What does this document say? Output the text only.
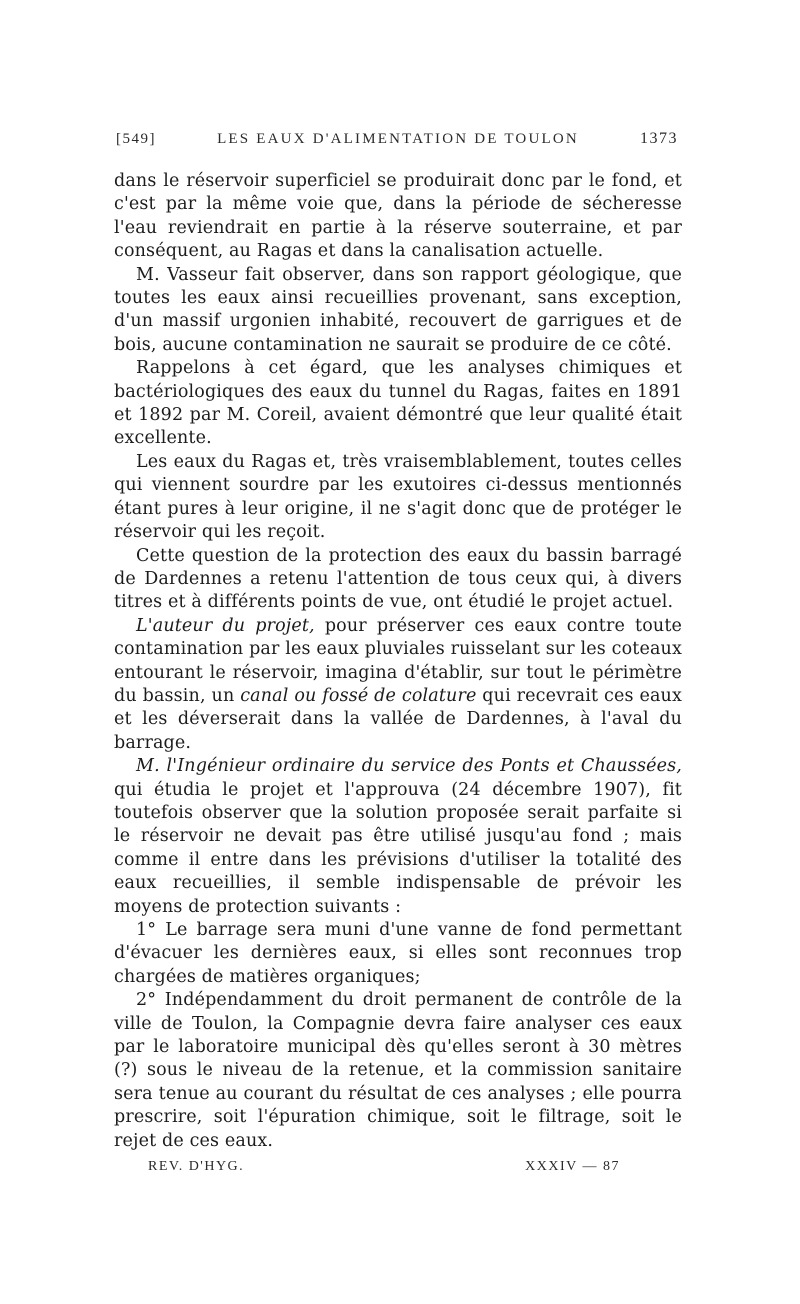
[549]	LES EAUX D'ALIMENTATION DE TOULON	1373

dans le réservoir superficiel se produirait donc par le fond, et c'est par la même voie que, dans la période de sécheresse l'eau reviendrait en partie à la réserve souterraine, et par conséquent, au Ragas et dans la canalisation actuelle.

M. Vasseur fait observer, dans son rapport géologique, que toutes les eaux ainsi recueillies provenant, sans exception, d'un massif urgonien inhabité, recouvert de garrigues et de bois, aucune contamination ne saurait se produire de ce côté.

Rappelons à cet égard, que les analyses chimiques et bactériologiques des eaux du tunnel du Ragas, faites en 1891 et 1892 par M. Coreil, avaient démontré que leur qualité était excellente.

Les eaux du Ragas et, très vraisemblablement, toutes celles qui viennent sourdre par les exutoires ci-dessus mentionnés étant pures à leur origine, il ne s'agit donc que de protéger le réservoir qui les reçoit.

Cette question de la protection des eaux du bassin barragé de Dardennes a retenu l'attention de tous ceux qui, à divers titres et à différents points de vue, ont étudié le projet actuel.

L'auteur du projet, pour préserver ces eaux contre toute contamination par les eaux pluviales ruisselant sur les coteaux entourant le réservoir, imagina d'établir, sur tout le périmètre du bassin, un canal ou fossé de colature qui recevrait ces eaux et les déverserait dans la vallée de Dardennes, à l'aval du barrage.

M. l'Ingénieur ordinaire du service des Ponts et Chaussées, qui étudia le projet et l'approuva (24 décembre 1907), fit toutefois observer que la solution proposée serait parfaite si le réservoir ne devait pas être utilisé jusqu'au fond ; mais comme il entre dans les prévisions d'utiliser la totalité des eaux recueillies, il semble indispensable de prévoir les moyens de protection suivants :

1° Le barrage sera muni d'une vanne de fond permettant d'évacuer les dernières eaux, si elles sont reconnues trop chargées de matières organiques;

2° Indépendamment du droit permanent de contrôle de la ville de Toulon, la Compagnie devra faire analyser ces eaux par le laboratoire municipal dès qu'elles seront à 30 mètres (?) sous le niveau de la retenue, et la commission sanitaire sera tenue au courant du résultat de ces analyses ; elle pourra prescrire, soit l'épuration chimique, soit le filtrage, soit le rejet de ces eaux.

REV. D'HYG.	XXXIV — 87
